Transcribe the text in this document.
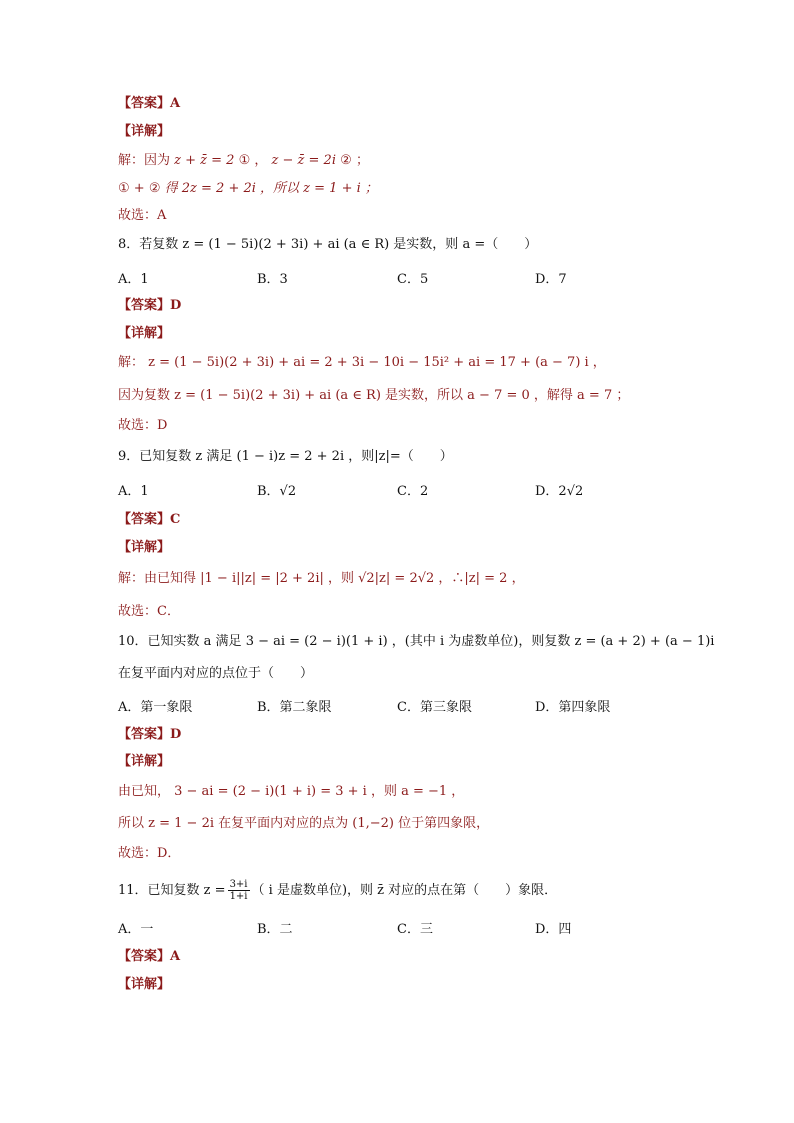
【答案】A
【详解】
解：因为 z + z̄ = 2 ① ， z − z̄ = 2i ② ；
① + ② 得 2z = 2 + 2i ，所以 z = 1 + i ；
故选：A
8．若复数 z = (1 − 5i)(2 + 3i) + ai (a ∈ R) 是实数，则 a =（　　）
A．1	B．3	C．5	D．7
【答案】D
【详解】
解： z = (1 − 5i)(2 + 3i) + ai = 2 + 3i − 10i − 15i² + ai = 17 + (a − 7) i ，
因为复数 z = (1 − 5i)(2 + 3i) + ai (a ∈ R) 是实数，所以 a − 7 = 0 ，解得 a = 7 ；
故选：D
9．已知复数 z 满足 (1 − i)z = 2 + 2i ，则|z|=（　　）
A．1	B．√2	C．2	D．2√2
【答案】C
【详解】
解：由已知得 |1 − i||z| = |2 + 2i| ，则 √2|z| = 2√2 ，∴|z| = 2 ，
故选：C．
10．已知实数 a 满足 3 − ai = (2 − i)(1 + i) ，(其中 i 为虚数单位)，则复数 z = (a + 2) + (a − 1)i
在复平面内对应的点位于（　　）
A．第一象限	B．第二象限	C．第三象限	D．第四象限
【答案】D
【详解】
由已知， 3 − ai = (2 − i)(1 + i) = 3 + i ，则 a = −1 ，
所以 z = 1 − 2i 在复平面内对应的点为 (1,−2) 位于第四象限，
故选：D．
11．已知复数 $z = \frac{3+i}{1+i}$ （ i 是虚数单位)，则 z̄ 对应的点在第（　　）象限．
A．一	B．二	C．三	D．四
【答案】A
【详解】
